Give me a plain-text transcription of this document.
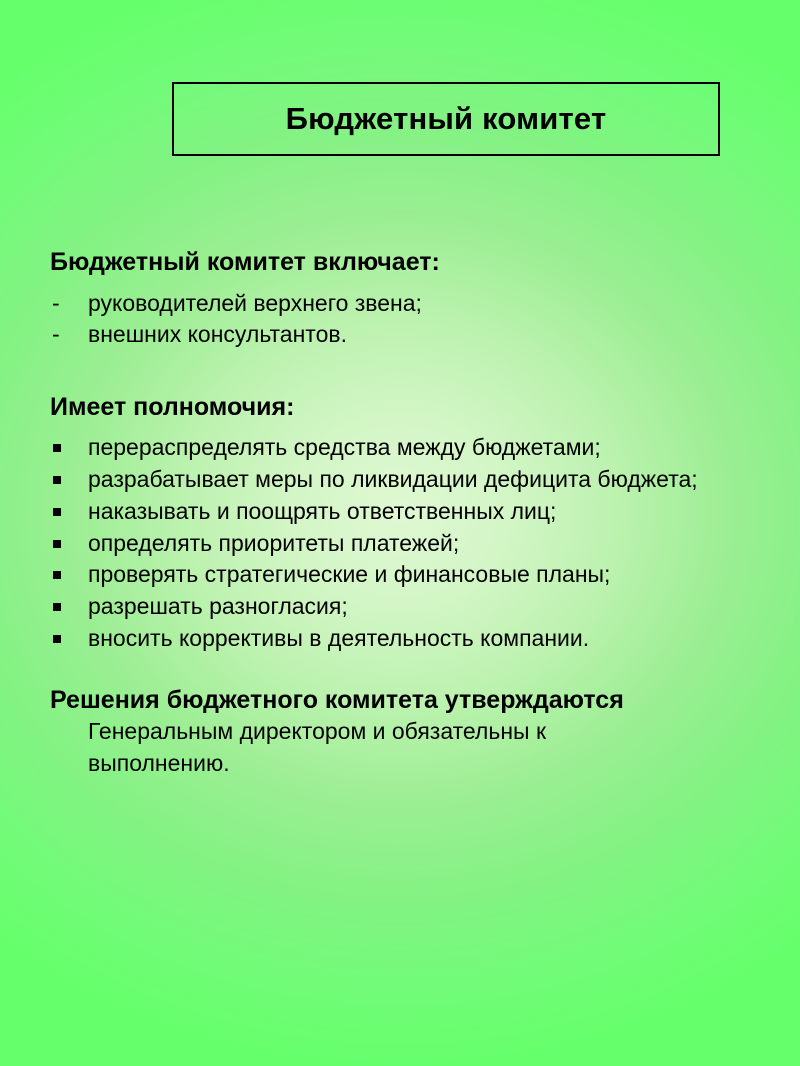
Бюджетный комитет

Бюджетный комитет включает:

- руководителей верхнего звена;
- внешних консультантов.

Имеет полномочия:

перераспределять средства между бюджетами;
разрабатывает меры по ликвидации дефицита бюджета;
наказывать и поощрять ответственных лиц;
определять приоритеты платежей;
проверять стратегические и финансовые планы;
разрешать разногласия;
вносить коррективы в деятельность компании.

Решения бюджетного комитета утверждаются

Генеральным директором и обязательны к выполнению.
